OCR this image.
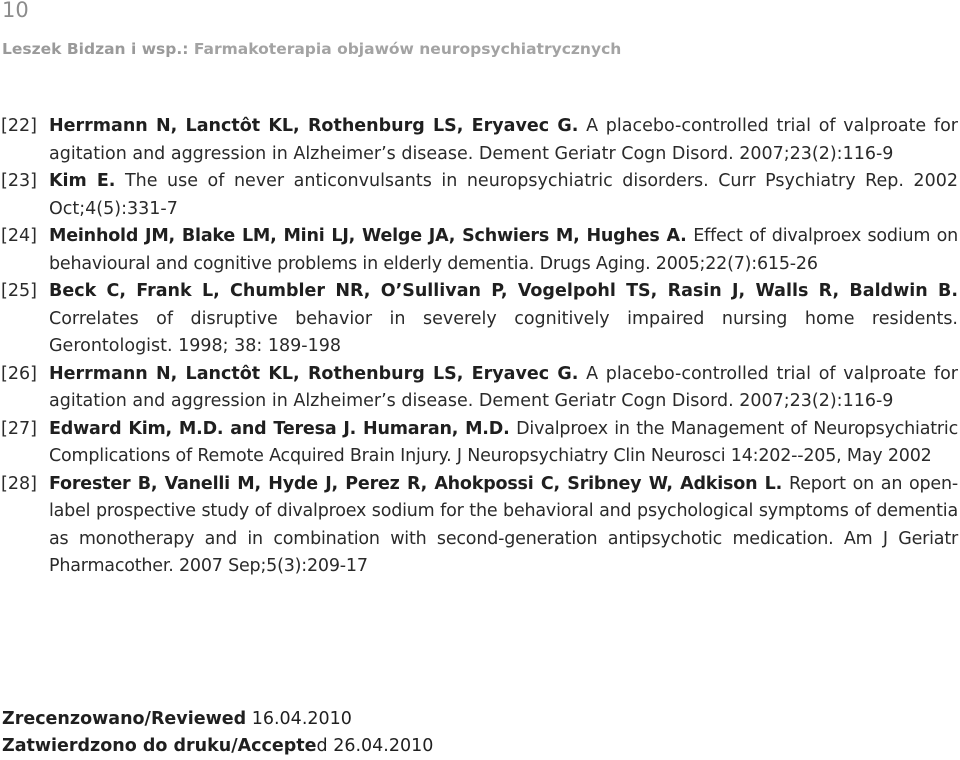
10
Leszek Bidzan i wsp.: Farmakoterapia objawów neuropsychiatrycznych
[22] Herrmann N, Lanctôt KL, Rothenburg LS, Eryavec G. A placebo-controlled trial of valproate for agitation and aggression in Alzheimer’s disease. Dement Geriatr Cogn Disord. 2007;23(2):116-9
[23] Kim E. The use of never anticonvulsants in neuropsychiatric disorders. Curr Psychiatry Rep. 2002 Oct;4(5):331-7
[24] Meinhold JM, Blake LM, Mini LJ, Welge JA, Schwiers M, Hughes A. Effect of divalproex sodium on behavioural and cognitive problems in elderly dementia. Drugs Aging. 2005;22(7):615-26
[25] Beck C, Frank L, Chumbler NR, O’Sullivan P, Vogelpohl TS, Rasin J, Walls R, Baldwin B. Correlates of disruptive behavior in severely cognitively impaired nursing home residents. Gerontologist. 1998; 38: 189-198
[26] Herrmann N, Lanctôt KL, Rothenburg LS, Eryavec G. A placebo-controlled trial of valproate for agitation and aggression in Alzheimer’s disease. Dement Geriatr Cogn Disord. 2007;23(2):116-9
[27] Edward Kim, M.D. and Teresa J. Humaran, M.D. Divalproex in the Management of Neuropsychiatric Complications of Remote Acquired Brain Injury. J Neuropsychiatry Clin Neurosci 14:202--205, May 2002
[28] Forester B, Vanelli M, Hyde J, Perez R, Ahokpossi C, Sribney W, Adkison L. Report on an open-label prospective study of divalproex sodium for the behavioral and psychological symptoms of dementia as monotherapy and in combination with second-generation antipsychotic medication. Am J Geriatr Pharmacother. 2007 Sep;5(3):209-17
Zrecenzowano/Reviewed 16.04.2010
Zatwierdzono do druku/Accepted 26.04.2010
